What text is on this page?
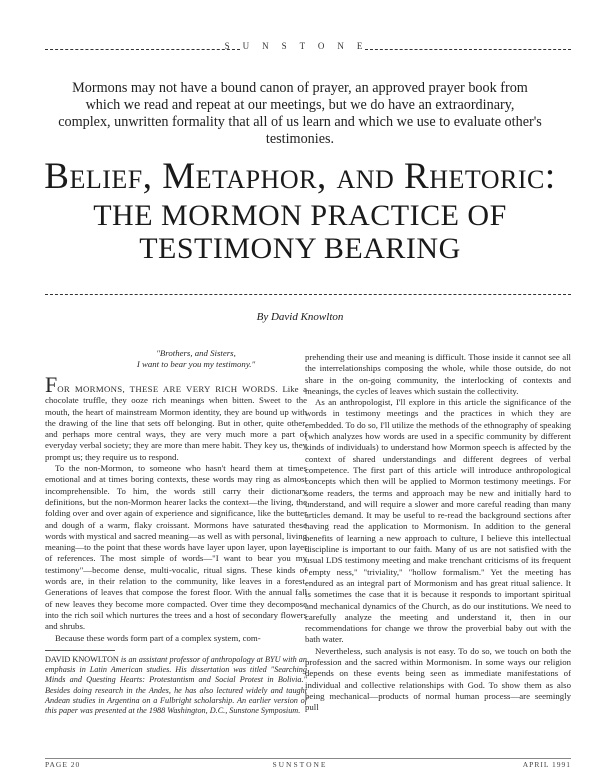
SUNSTONE
Mormons may not have a bound canon of prayer, an approved prayer book from which we read and repeat at our meetings, but we do have an extraordinary, complex, unwritten formality that all of us learn and which we use to evaluate other's testimonies.
Belief, Metaphor, and Rhetoric:
THE MORMON PRACTICE OF
TESTIMONY BEARING
By David Knowlton
"Brothers, and Sisters,
I want to bear you my testimony."

FOR MORMONS, THESE ARE VERY RICH WORDS. Like a chocolate truffle, they ooze rich meanings when bitten. Sweet to the mouth, the heart of mainstream Mormon identity, they are bound up with the drawing of the line that sets off belonging. But in other, quite other, and perhaps more central ways, they are very much more a part of everyday verbal society; they are more than mere habit. They key us, they prompt us; they require us to respond.

To the non-Mormon, to someone who hasn't heard them at times emotional and at times boring contexts, these words may ring as almost incomprehensible. To him, the words still carry their dictionary definitions, but the non-Mormon hearer lacks the context—the living, the folding over and over again of experience and significance, like the butter and dough of a warm, flaky croissant. Mormons have saturated these words with mystical and sacred meaning—as well as with personal, living meaning—to the point that these words have layer upon layer, upon layer of references. The most simple of words—"I want to bear you my testimony"—become dense, multi-vocalic, ritual signs. These kinds of words are, in their relation to the community, like leaves in a forest. Generations of leaves that compose the forest floor. With the annual fall of new leaves they become more compacted. Over time they decompose into the rich soil which nurtures the trees and a host of secondary flowers and shrubs.

Because these words form part of a complex system, com-

DAVID KNOWLTON is an assistant professor of anthropology at BYU with an emphasis in Latin American studies. His dissertation was titled "Searching Minds and Questing Hearts: Protestantism and Social Protest in Bolivia." Besides doing research in the Andes, he has also lectured widely and taught Andean studies in Argentina on a Fulbright scholarship. An earlier version of this paper was presented at the 1988 Washington, D.C., Sunstone Symposium.

prehending their use and meaning is difficult. Those inside it cannot see all the interrelationships composing the whole, while those outside, do not share in the on-going community, the interlocking of contexts and meanings, the cycles of leaves which sustain the collectivity.

As an anthropologist, I'll explore in this article the significance of the words in testimony meetings and the practices in which they are embedded. To do so, I'll utilize the methods of the ethnography of speaking (which analyzes how words are used in a specific community by different kinds of individuals) to understand how Mormon speech is affected by the context of shared understandings and different degrees of verbal competence. The first part of this article will introduce anthropological concepts which then will be applied to Mormon testimony meetings. For some readers, the terms and approach may be new and initially hard to understand, and will require a slower and more careful reading than many articles demand. It may be useful to re-read the background sections after having read the application to Mormonism. In addition to the general benefits of learning a new approach to culture, I believe this intellectual discipline is important to our faith. Many of us are not satisfied with the usual LDS testimony meeting and make trenchant criticisms of its frequent "empty ness," "triviality," "hollow formalism." Yet the meeting has endured as an integral part of Mormonism and has great ritual salience. It is sometimes the case that it is because it responds to important spiritual and mechanical dynamics of the Church, as do our institutions. We need to carefully analyze the meeting and understand it, then in our recommendations for change we throw the proverbial baby out with the bath water.

Nevertheless, such analysis is not easy. To do so, we touch on both the profession and the sacred within Mormonism. In some ways our religion depends on these events being seen as immediate manifestations of individual and collective relationships with God. To show them as also being mechanical—products of normal human process—are seemingly pull

PAGE 20	SUNSTONE	APRIL 1991
